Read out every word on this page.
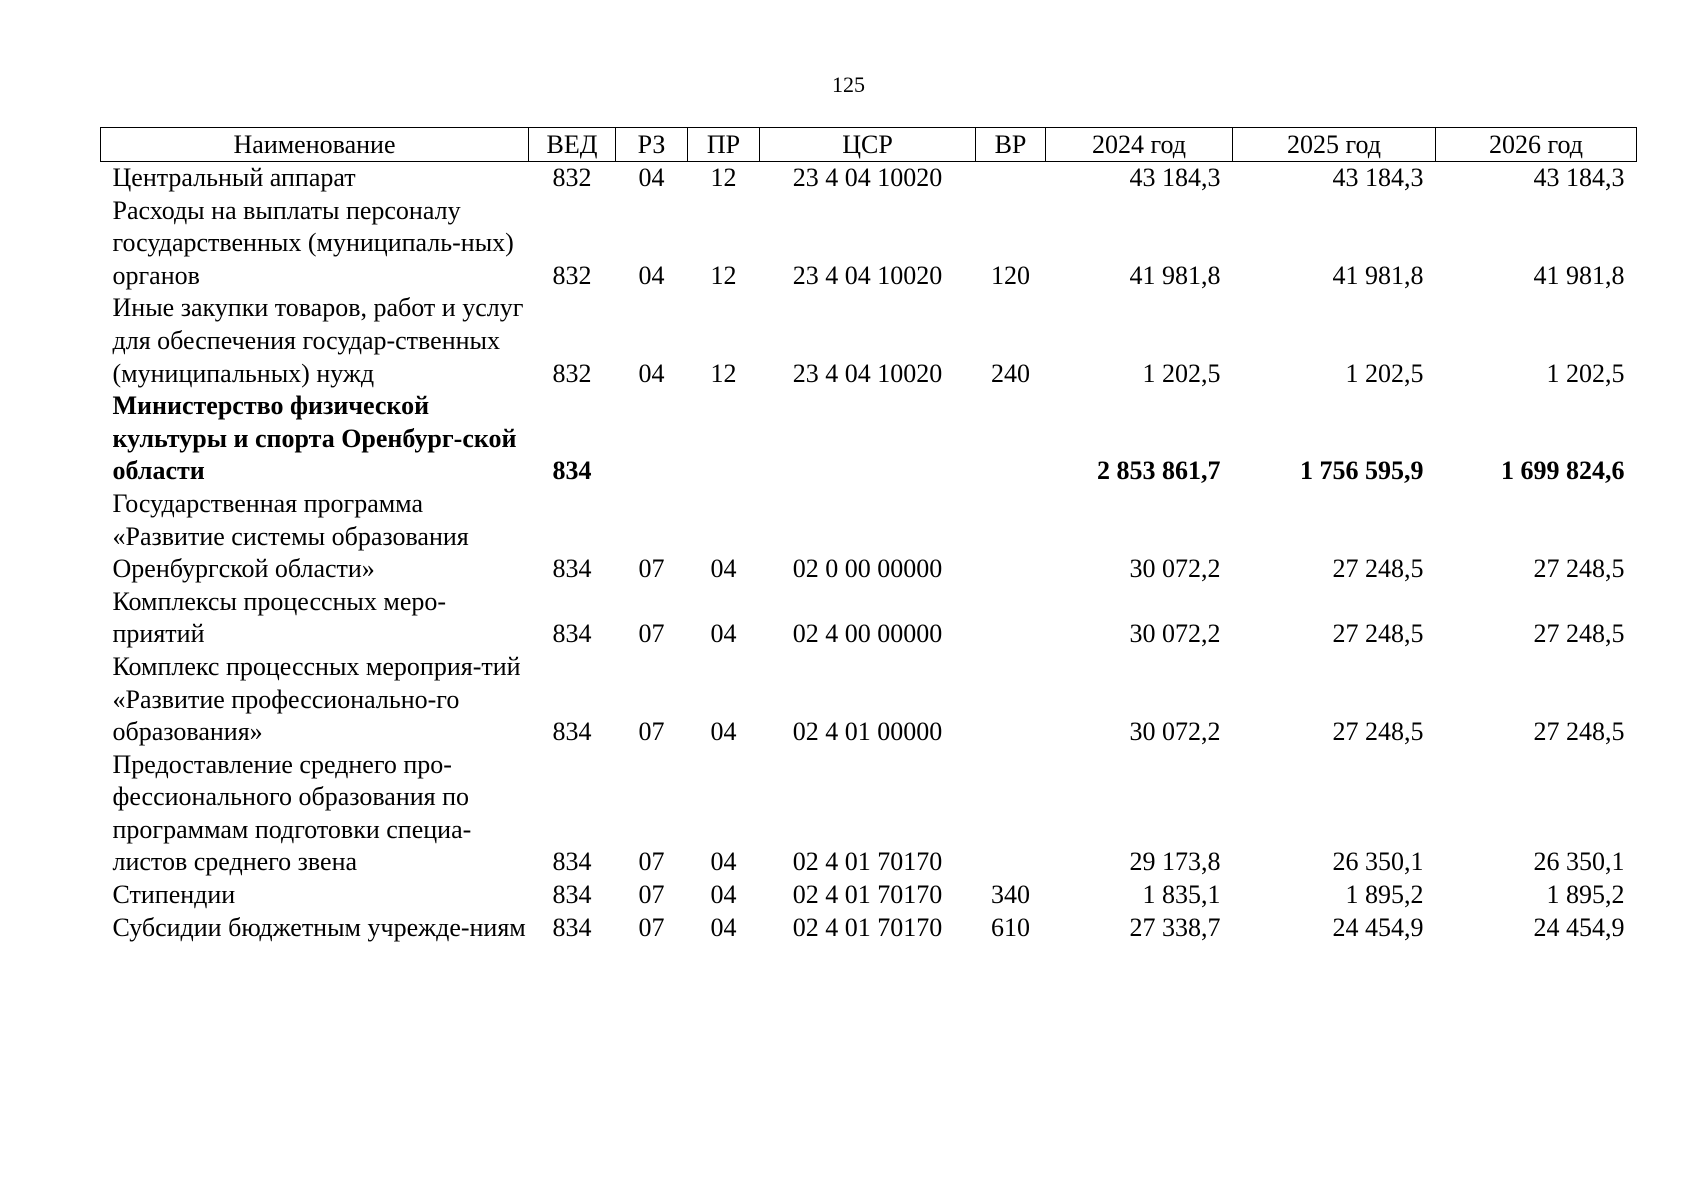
125
Наименование	ВЕД	РЗ	ПР	ЦСР	ВР	2024 год	2025 год	2026 год
Центральный аппарат	832	04	12	23 4 04 10020		43 184,3	43 184,3	43 184,3
Расходы на выплаты персоналу государственных (муниципаль-ных) органов	832	04	12	23 4 04 10020	120	41 981,8	41 981,8	41 981,8
Иные закупки товаров, работ и услуг для обеспечения государ-ственных (муниципальных) нужд	832	04	12	23 4 04 10020	240	1 202,5	1 202,5	1 202,5
Министерство физической культуры и спорта Оренбург-ской области	834					2 853 861,7	1 756 595,9	1 699 824,6
Государственная программа «Развитие системы образования Оренбургской области»	834	07	04	02 0 00 00000		30 072,2	27 248,5	27 248,5
Комплексы процессных меро-приятий	834	07	04	02 4 00 00000		30 072,2	27 248,5	27 248,5
Комплекс процессных мероприя-тий «Развитие профессионально-го образования»	834	07	04	02 4 01 00000		30 072,2	27 248,5	27 248,5
Предоставление среднего про-фессионального образования по программам подготовки специа-листов среднего звена	834	07	04	02 4 01 70170		29 173,8	26 350,1	26 350,1
Стипендии	834	07	04	02 4 01 70170	340	1 835,1	1 895,2	1 895,2
Субсидии бюджетным учрежде-ниям	834	07	04	02 4 01 70170	610	27 338,7	24 454,9	24 454,9
